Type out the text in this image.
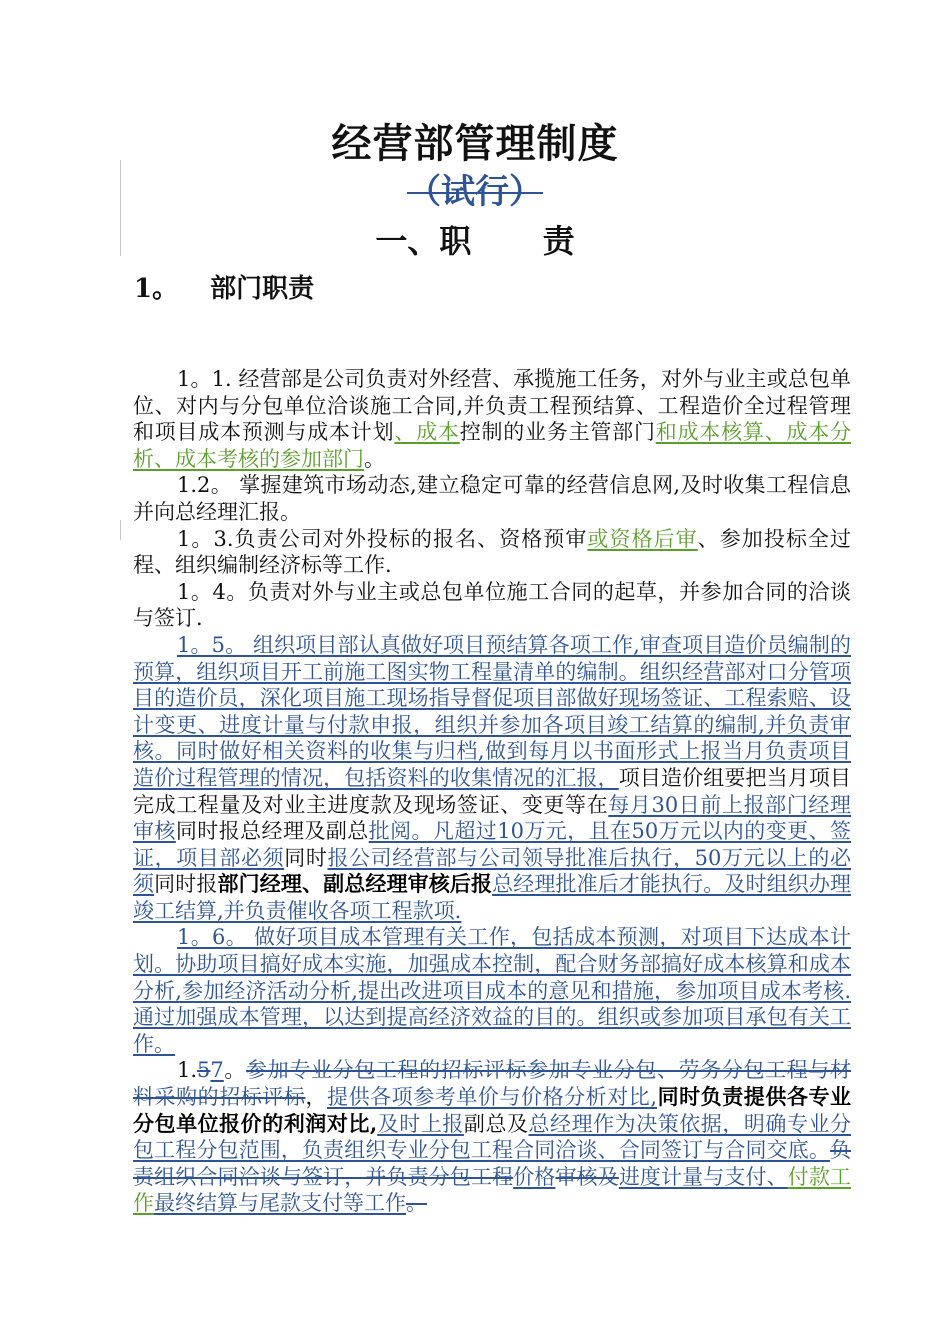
经营部管理制度
（试行）
一、职 责
1。 部门职责

1。1. 经营部是公司负责对外经营、承揽施工任务，对外与业主或总包单位、对内与分包单位洽谈施工合同,并负责工程预结算、工程造价全过程管理和项目成本预测与成本计划、成本控制的业务主管部门和成本核算、成本分析、成本考核的参加部门。

1.2。 掌握建筑市场动态,建立稳定可靠的经营信息网,及时收集工程信息并向总经理汇报。

1。3.负责公司对外投标的报名、资格预审或资格后审、参加投标全过程、组织编制经济标等工作.

1。4。负责对外与业主或总包单位施工合同的起草，并参加合同的洽谈与签订.

1。5。 组织项目部认真做好项目预结算各项工作,审查项目造价员编制的预算，组织项目开工前施工图实物工程量清单的编制。组织经营部对口分管项目的造价员，深化项目施工现场指导督促项目部做好现场签证、工程索赔、设计变更、进度计量与付款申报，组织并参加各项目竣工结算的编制,并负责审核。同时做好相关资料的收集与归档,做到每月以书面形式上报当月负责项目造价过程管理的情况，包括资料的收集情况的汇报，项目造价组要把当月项目完成工程量及对业主进度款及现场签证、变更等在每月30日前上报部门经理审核同时报总经理及副总批阅。凡超过10万元，且在50万元以内的变更、签证，项目部必须同时报公司经营部与公司领导批准后执行，50万元以上的必须同时报部门经理、副总经理审核后报总经理批准后才能执行。及时组织办理竣工结算,并负责催收各项工程款项.

1。6。 做好项目成本管理有关工作，包括成本预测，对项目下达成本计划。协助项目搞好成本实施，加强成本控制，配合财务部搞好成本核算和成本分析,参加经济活动分析,提出改进项目成本的意见和措施，参加项目成本考核.通过加强成本管理，以达到提高经济效益的目的。组织或参加项目承包有关工作。

1.57。参加专业分包工程的招标评标参加专业分包、劳务分包工程与材料采购的招标评标，提供各项参考单价与价格分析对比,同时负责提供各专业分包单位报价的利润对比,及时上报副总及总经理作为决策依据，明确专业分包工程分包范围，负责组织专业分包工程合同洽谈、合同签订与合同交底。负责组织合同洽谈与签订，并负责分包工程价格审核及进度计量与支付、付款工作最终结算与尾款支付等工作。
